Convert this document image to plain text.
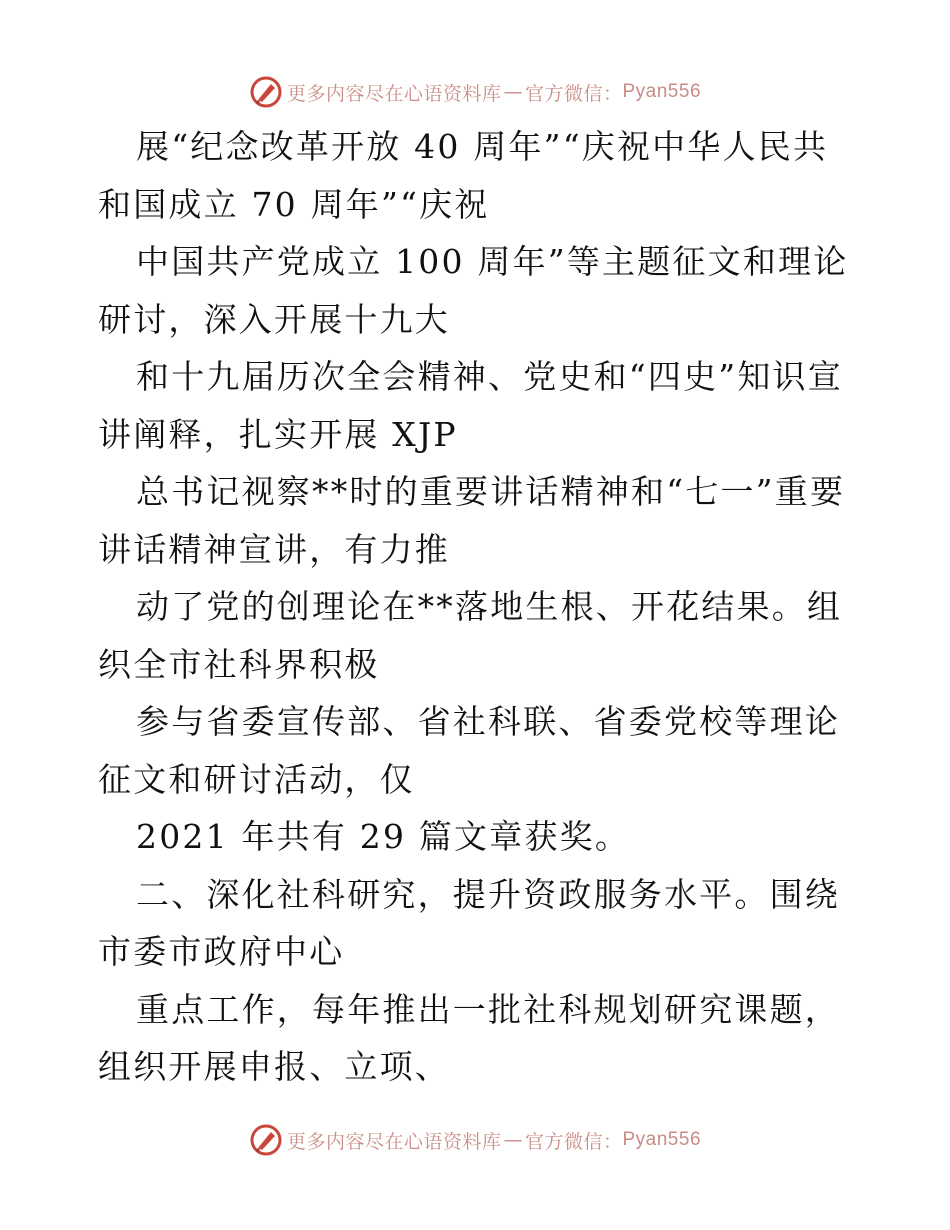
更多内容尽在心语资料库 — 官方微信： Pyan556

展“纪念改革开放 40 周年”“庆祝中华人民共和国成立 70 周年”“庆祝

中国共产党成立 100 周年”等主题征文和理论研讨，深入开展十九大

和十九届历次全会精神、党史和“四史”知识宣讲阐释，扎实开展 XJP

总书记视察**时的重要讲话精神和“七一”重要讲话精神宣讲，有力推

动了党的创理论在**落地生根、开花结果。组织全市社科界积极

参与省委宣传部、省社科联、省委党校等理论征文和研讨活动，仅

2021 年共有 29 篇文章获奖。

二、深化社科研究，提升资政服务水平。围绕市委市政府中心

重点工作，每年推出一批社科规划研究课题，组织开展申报、立项、

更多内容尽在心语资料库 — 官方微信： Pyan556
